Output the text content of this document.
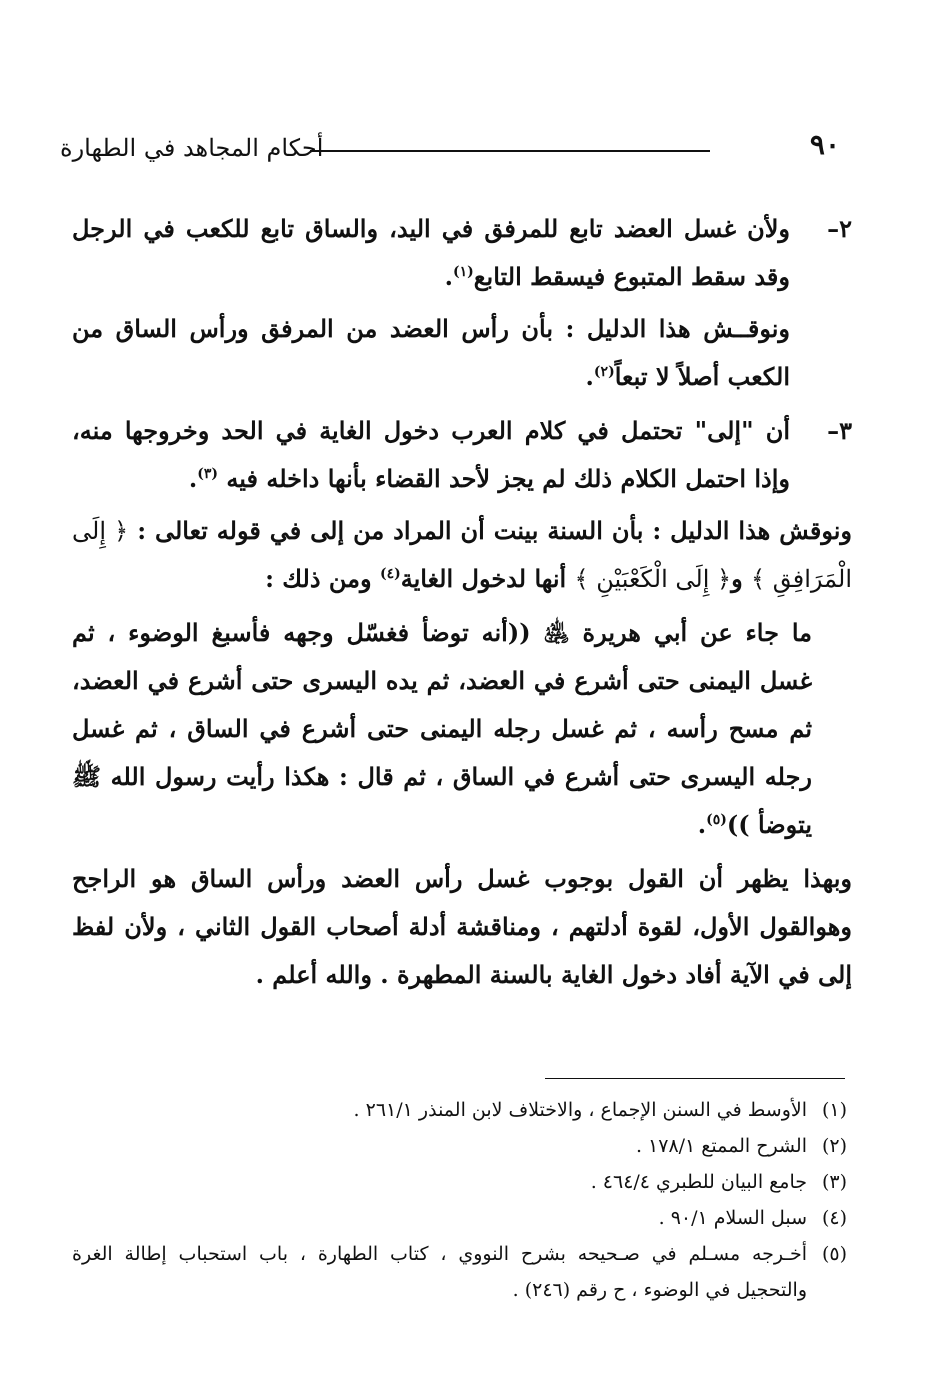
٩٠
أحكام المجاهد في الطهارة
٢–
ولأن غسل العضد تابع للمرفق في اليد، والساق تابع للكعب في الرجل وقد سقط المتبوع فيسقط التابع$^{(١)}$.
ونوقــش هذا الدليل : بأن رأس العضد من المرفق ورأس الساق من الكعب أصلاً لا تبعاً$^{(٢)}$.
٣–
أن "إلى" تحتمل في كلام العرب دخول الغاية في الحد وخروجها منه، وإذا احتمل الكلام ذلك لم يجز لأحد القضاء بأنها داخله فيه $^{(٣)}$.
ونوقش هذا الدليل : بأن السنة بينت أن المراد من إلى في قوله تعالى : ﴿ إِلَى الْمَرَافِقِ ﴾ و﴿ إِلَى الْكَعْبَيْنِ ﴾ أنها لدخول الغاية$^{(٤)}$ ومن ذلك :
ما جاء عن أبي هريرة ﵁ ((أنه توضأ فغسّل وجهه فأسبغ الوضوء ، ثم غسل اليمنى حتى أشرع في العضد، ثم يده اليسرى حتى أشرع في العضد، ثم مسح رأسه ، ثم غسل رجله اليمنى حتى أشرع في الساق ، ثم غسل رجله اليسرى حتى أشرع في الساق ، ثم قال : هكذا رأيت رسول الله ﷺ يتوضأ ))$^{(٥)}$.
وبهذا يظهر أن القول بوجوب غسل رأس العضد ورأس الساق هو الراجح وهوالقول الأول، لقوة أدلتهم ، ومناقشة أدلة أصحاب القول الثاني ، ولأن لفظ إلى في الآية أفاد دخول الغاية بالسنة المطهرة . والله أعلم .
(١)
الأوسط في السنن الإجماع ، والاختلاف لابن المنذر ٢٦١/١ .
(٢)
الشرح الممتع ١٧٨/١ .
(٣)
جامع البيان للطبري ٤٦٤/٤ .
(٤)
سبل السلام ٩٠/١ .
(٥)
أخـرجه مسـلم في صـحيحه بشرح النووي ، كتاب الطهارة ، باب استحباب إطالة الغرة والتحجيل في الوضوء ، ح رقم (٢٤٦) .
